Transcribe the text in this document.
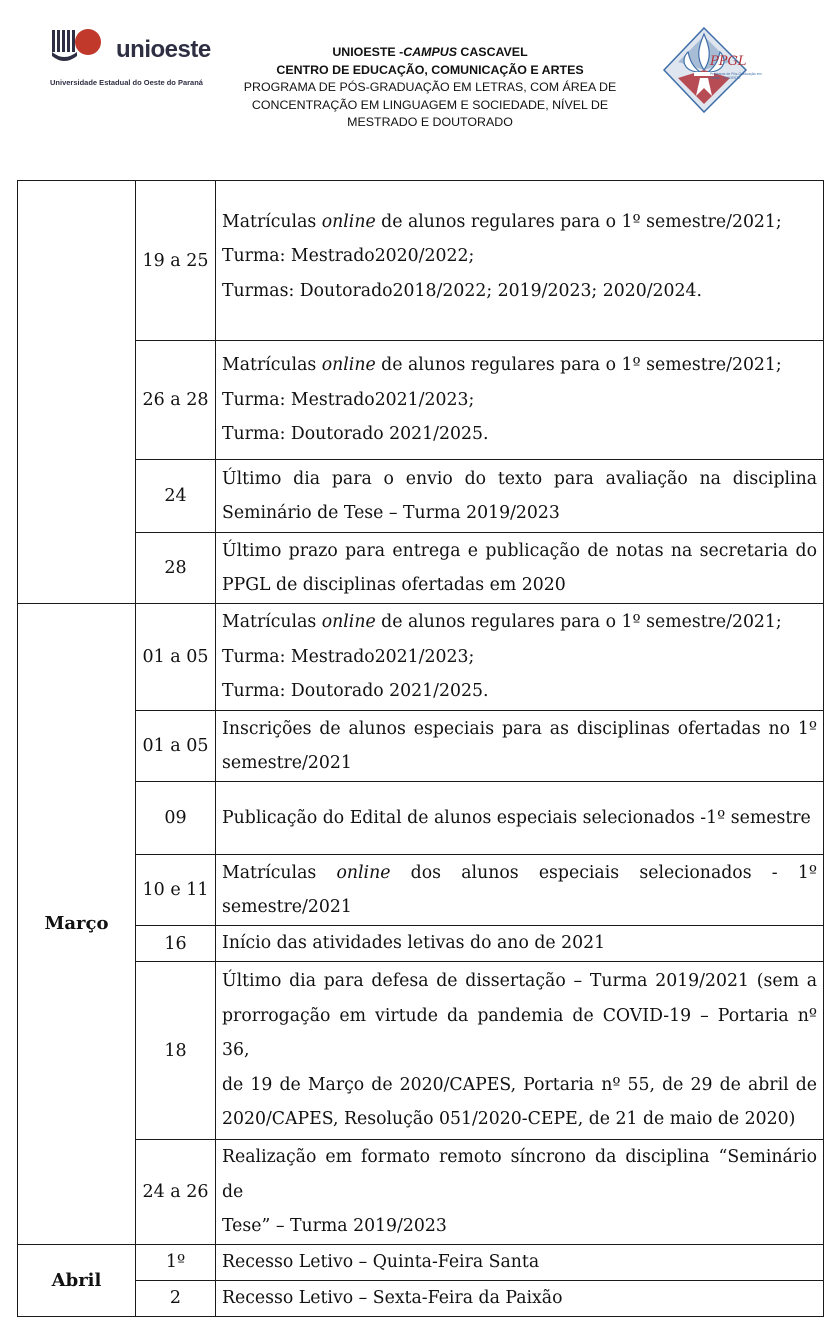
unioeste
Universidade Estadual do Oeste do Paraná
UNIOESTE -CAMPUS CASCAVEL
CENTRO DE EDUCAÇÃO, COMUNICAÇÃO E ARTES
PROGRAMA DE PÓS-GRADUAÇÃO EM LETRAS, COM ÁREA DE
CONCENTRAÇÃO EM LINGUAGEM E SOCIEDADE, NÍVEL DE
MESTRADO E DOUTORADO
PPGL
Programa de Pós-Graduação em Letras - UNIOESTE
	19 a 25	Matrículas online de alunos regulares para o 1º semestre/2021;
Turma: Mestrado2020/2022;
Turmas: Doutorado2018/2022; 2019/2023; 2020/2024.

	26 a 28	Matrículas online de alunos regulares para o 1º semestre/2021;
Turma: Mestrado2021/2023;
Turma: Doutorado 2021/2025.

	24	Último dia para o envio do texto para avaliação na disciplina
Seminário de Tese – Turma 2019/2023

	28	Último prazo para entrega e publicação de notas na secretaria do
PPGL de disciplinas ofertadas em 2020

Março	01 a 05	Matrículas online de alunos regulares para o 1º semestre/2021;
Turma: Mestrado2021/2023;
Turma: Doutorado 2021/2025.

	01 a 05	Inscrições de alunos especiais para as disciplinas ofertadas no 1º
semestre/2021

	09	Publicação do Edital de alunos especiais selecionados -1º semestre

	10 e 11	Matrículas online dos alunos especiais selecionados - 1º
semestre/2021

	16	Início das atividades letivas do ano de 2021

	18	Último dia para defesa de dissertação – Turma 2019/2021 (sem a
prorrogação em virtude da pandemia de COVID-19 – Portaria nº 36,
de 19 de Março de 2020/CAPES, Portaria nº 55, de 29 de abril de
2020/CAPES, Resolução 051/2020-CEPE, de 21 de maio de 2020)

	24 a 26	Realização em formato remoto síncrono da disciplina “Seminário de
Tese” – Turma 2019/2023

Abril	1º	Recesso Letivo – Quinta-Feira Santa

	2	Recesso Letivo – Sexta-Feira da Paixão
